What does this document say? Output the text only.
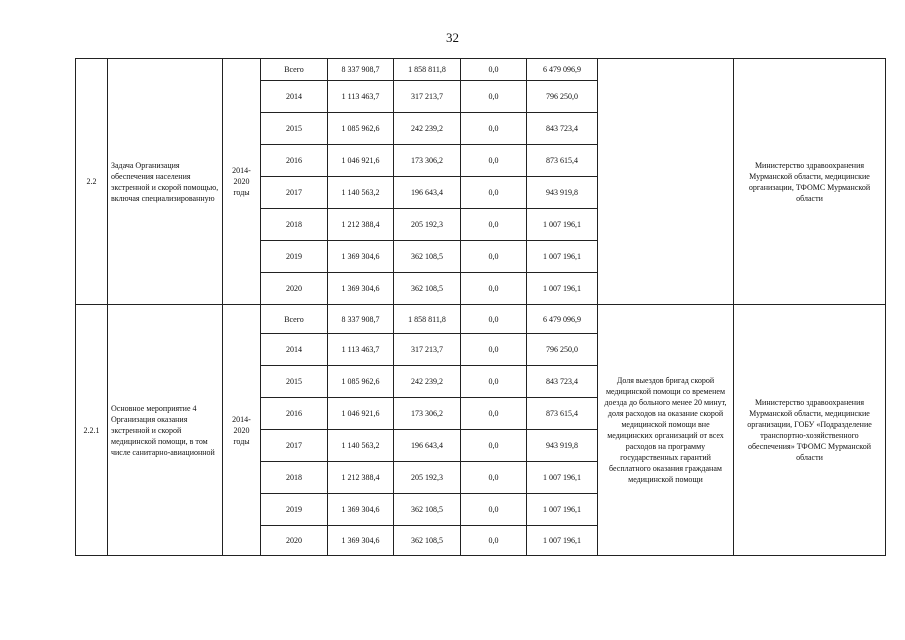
32
2.2	Задача Организация обеспечения населения экстренной и скорой помощью, включая специализированную	2014-2020 годы	Всего	8 337 908,7	1 858 811,8	0,0	6 479 096,9		Министерство здравоохранения Мурманской области, медицинские организации, ТФОМС Мурманской области
			2014	1 113 463,7	317 213,7	0,0	796 250,0		
			2015	1 085 962,6	242 239,2	0,0	843 723,4		
			2016	1 046 921,6	173 306,2	0,0	873 615,4		
			2017	1 140 563,2	196 643,4	0,0	943 919,8		
			2018	1 212 388,4	205 192,3	0,0	1 007 196,1		
			2019	1 369 304,6	362 108,5	0,0	1 007 196,1		
			2020	1 369 304,6	362 108,5	0,0	1 007 196,1		
2.2.1	Основное мероприятие 4 Организация оказания экстренной и скорой медицинской помощи, в том числе санитарно-авиационной	2014-2020 годы	Всего	8 337 908,7	1 858 811,8	0,0	6 479 096,9	Доля выездов бригад скорой медицинской помощи со временем доезда до больного менее 20 минут, доля расходов на оказание скорой медицинской помощи вне медицинских организаций от всех расходов на программу государственных гарантий бесплатного оказания гражданам медицинской помощи	Министерство здравоохранения Мурманской области, медицинские организации, ГОБУ «Подразделение транспортно-хозяйственного обеспечения» ТФОМС Мурманской области
			2014	1 113 463,7	317 213,7	0,0	796 250,0		
			2015	1 085 962,6	242 239,2	0,0	843 723,4		
			2016	1 046 921,6	173 306,2	0,0	873 615,4		
			2017	1 140 563,2	196 643,4	0,0	943 919,8		
			2018	1 212 388,4	205 192,3	0,0	1 007 196,1		
			2019	1 369 304,6	362 108,5	0,0	1 007 196,1		
			2020	1 369 304,6	362 108,5	0,0	1 007 196,1		
